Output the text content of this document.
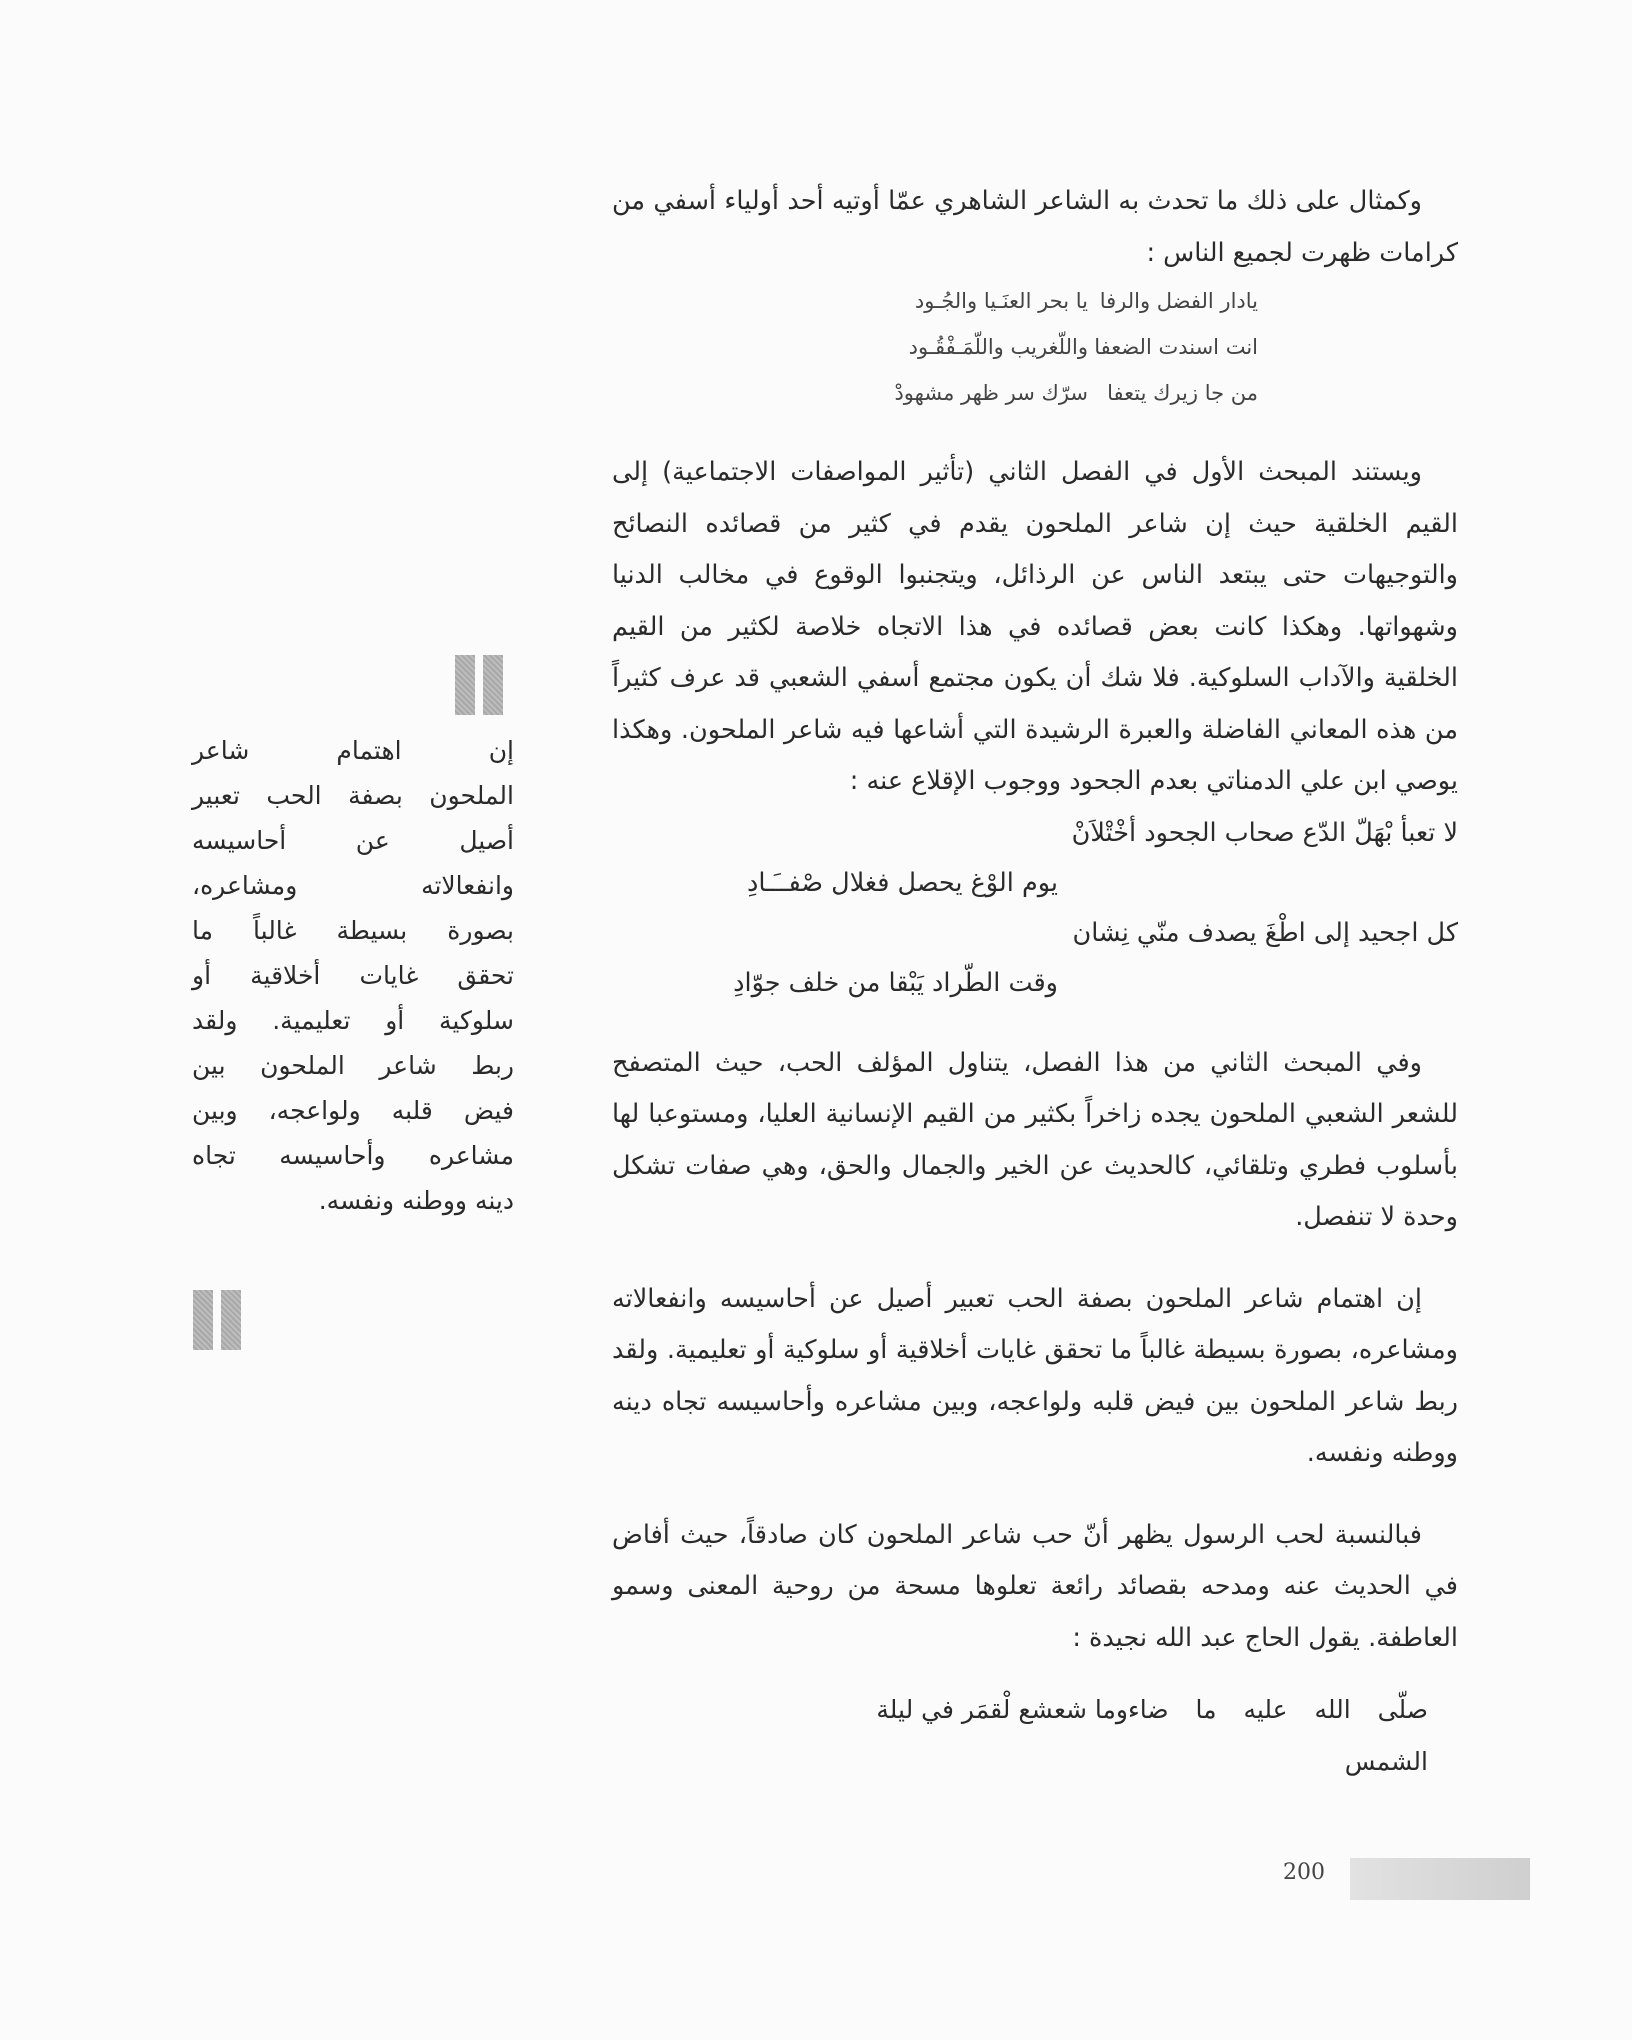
وكمثال على ذلك ما تحدث به الشاعر الشاهري عمّا أوتيه أحد أولياء أسفي من كرامات ظهرت لجميع الناس :

يادار الفضل والرفا
يا بحر العنَـيا والجُـود
انت اسندت الضعفا
واللّغريب واللّمَـفْقُـود
من جا زيرك يتعفا
سرّك سر ظهر مشهودْ

ويستند المبحث الأول في الفصل الثاني (تأثير المواصفات الاجتماعية) إلى القيم الخلقية حيث إن شاعر الملحون يقدم في كثير من قصائده النصائح والتوجيهات حتى يبتعد الناس عن الرذائل، ويتجنبوا الوقوع في مخالب الدنيا وشهواتها. وهكذا كانت بعض قصائده في هذا الاتجاه خلاصة لكثير من القيم الخلقية والآداب السلوكية. فلا شك أن يكون مجتمع أسفي الشعبي قد عرف كثيراً من هذه المعاني الفاضلة والعبرة الرشيدة التي أشاعها فيه شاعر الملحون. وهكذا يوصي ابن علي الدمناتي بعدم الجحود ووجوب الإقلاع عنه :

لا تعبأ بْهَلّ الدّع صحاب الجحود أخْتْلاَنْ
يوم الوْغ يحصل فغلال صْفــَـادِ
كل اجحيد إلى اطْغَ يصدف منّي نِشان
وقت الطّراد يَبْقا من خلف جوّادِ

وفي المبحث الثاني من هذا الفصل، يتناول المؤلف الحب، حيث المتصفح للشعر الشعبي الملحون يجده زاخراً بكثير من القيم الإنسانية العليا، ومستوعبا لها بأسلوب فطري وتلقائي، كالحديث عن الخير والجمال والحق، وهي صفات تشكل وحدة لا تنفصل.

إن اهتمام شاعر الملحون بصفة الحب تعبير أصيل عن أحاسيسه وانفعالاته ومشاعره، بصورة بسيطة غالباً ما تحقق غايات أخلاقية أو سلوكية أو تعليمية. ولقد ربط شاعر الملحون بين فيض قلبه ولواعجه، وبين مشاعره وأحاسيسه تجاه دينه ووطنه ونفسه.

فبالنسبة لحب الرسول يظهر أنّ حب شاعر الملحون كان صادقاً، حيث أفاض في الحديث عنه ومدحه بقصائد رائعة تعلوها مسحة من روحية المعنى وسمو العاطفة. يقول الحاج عبد الله نجيدة :

صلّى الله عليه ما ضاء الشمس
وما شعشع لْقمَر في ليلة

إن اهتمام شاعر

الملحون بصفة الحب تعبير

أصيل عن أحاسيسه

وانفعالاته ومشاعره،

بصورة بسيطة غالباً ما

تحقق غايات أخلاقية أو

سلوكية أو تعليمية. ولقد

ربط شاعر الملحون بين

فيض قلبه ولواعجه، وبين

مشاعره وأحاسيسه تجاه

دينه ووطنه ونفسه.

200
